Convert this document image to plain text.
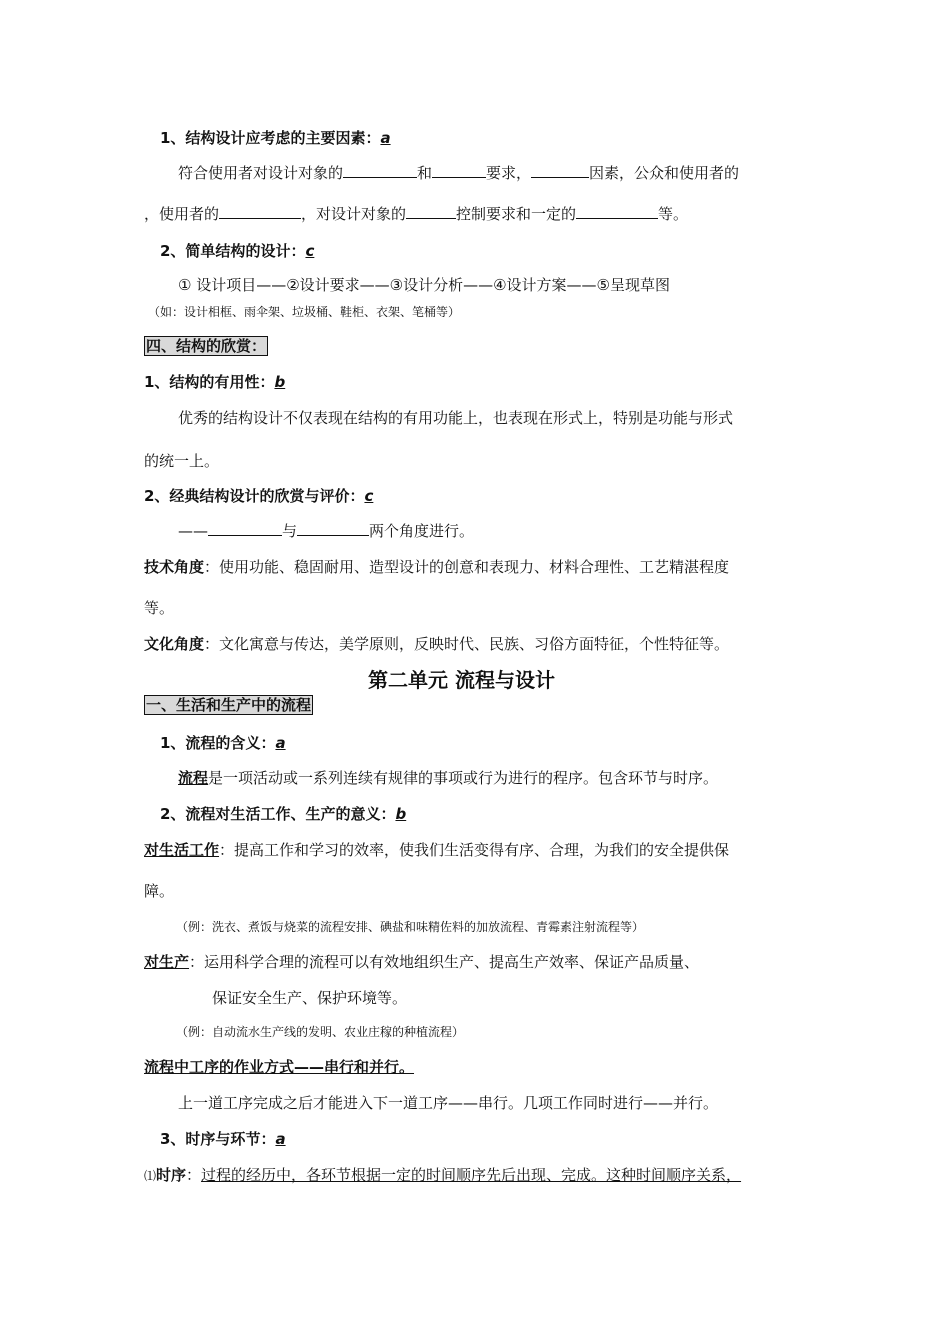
1、结构设计应考虑的主要因素：a
符合使用者对设计对象的	和	要求，	因素，公众和使用者的
，使用者的	，对设计对象的	控制要求和一定的	等。
2、简单结构的设计：c
① 设计项目——②设计要求——③设计分析——④设计方案——⑤呈现草图
（如：设计相框、雨伞架、垃圾桶、鞋柜、衣架、笔桶等）
四、结构的欣赏：
1、结构的有用性：b
优秀的结构设计不仅表现在结构的有用功能上，也表现在形式上，特别是功能与形式
的统一上。
2、经典结构设计的欣赏与评价：c
——	与	两个角度进行。
技术角度：使用功能、稳固耐用、造型设计的创意和表现力、材料合理性、工艺精湛程度
等。
文化角度：文化寓意与传达，美学原则，反映时代、民族、习俗方面特征，个性特征等。
第二单元 流程与设计
一、生活和生产中的流程
1、流程的含义：a
流程是一项活动或一系列连续有规律的事项或行为进行的程序。包含环节与时序。
2、流程对生活工作、生产的意义：b
对生活工作：提高工作和学习的效率，使我们生活变得有序、合理，为我们的安全提供保
障。
（例：洗衣、煮饭与烧菜的流程安排、碘盐和味精佐料的加放流程、青霉素注射流程等）
对生产：运用科学合理的流程可以有效地组织生产、提高生产效率、保证产品质量、
保证安全生产、保护环境等。
（例：自动流水生产线的发明、农业庄稼的种植流程）
流程中工序的作业方式——串行和并行。
上一道工序完成之后才能进入下一道工序——串行。几项工作同时进行——并行。
3、时序与环节：a
⑴时序：过程的经历中，各环节根据一定的时间顺序先后出现、完成。这种时间顺序关系，
